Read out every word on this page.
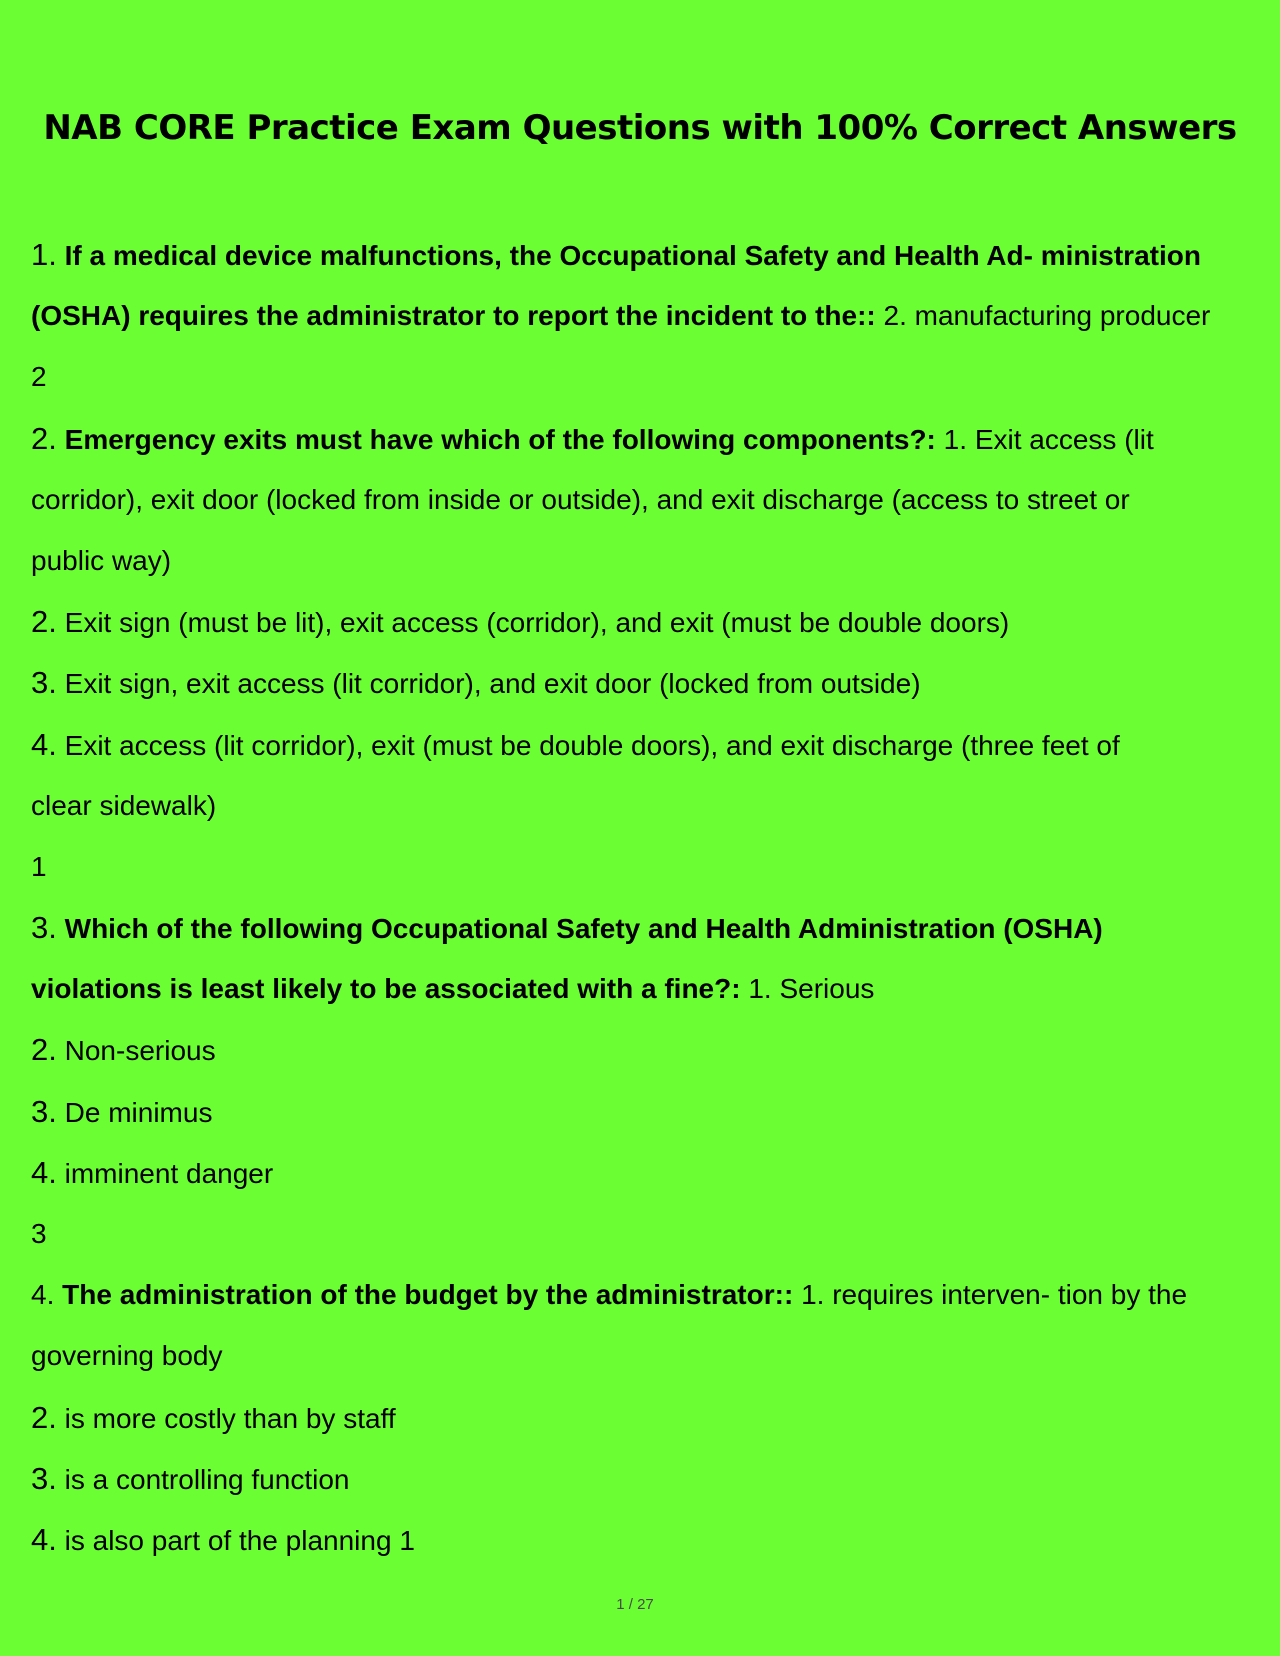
NAB CORE Practice Exam Questions with 100% Correct Answers
1. If a medical device malfunctions, the Occupational Safety and Health Ad- ministration
(OSHA) requires the administrator to report the incident to the:: 2. manufacturing producer
2
2. Emergency exits must have which of the following components?: 1. Exit access (lit
corridor), exit door (locked from inside or outside), and exit discharge (access to street or
public way)
2. Exit sign (must be lit), exit access (corridor), and exit (must be double doors)
3. Exit sign, exit access (lit corridor), and exit door (locked from outside)
4. Exit access (lit corridor), exit (must be double doors), and exit discharge (three feet of
clear sidewalk)
1
3. Which of the following Occupational Safety and Health Administration (OSHA)
violations is least likely to be associated with a fine?: 1. Serious
2. Non-serious
3. De minimus
4. imminent danger
3
4. The administration of the budget by the administrator:: 1. requires interven- tion by the
governing body
2. is more costly than by staff
3. is a controlling function
4. is also part of the planning 1
1 / 27
